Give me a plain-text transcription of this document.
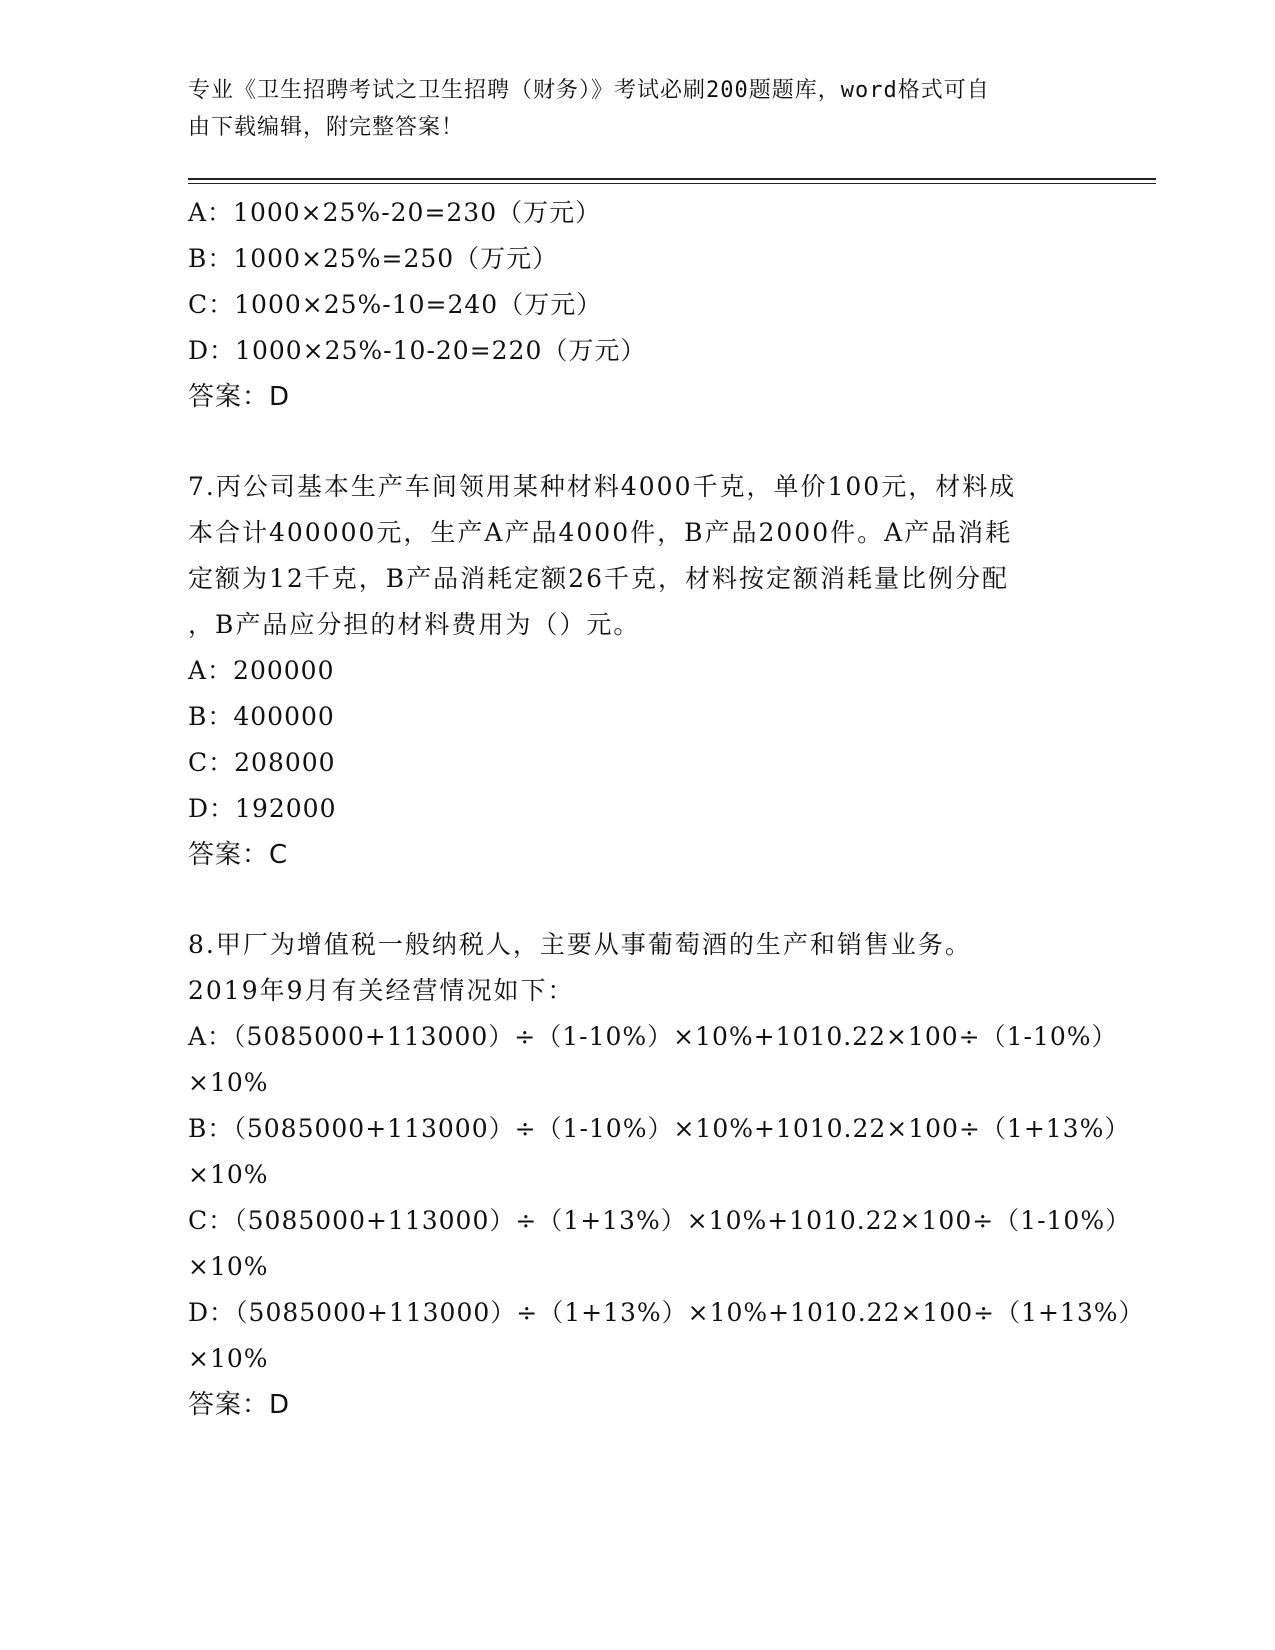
专业《卫生招聘考试之卫生招聘（财务）》考试必刷200题题库，word格式可自
由下载编辑，附完整答案！
A：1000×25%-20=230（万元）
B：1000×25%=250（万元）
C：1000×25%-10=240（万元）
D：1000×25%-10-20=220（万元）
答案：D
7.丙公司基本生产车间领用某种材料4000千克，单价100元，材料成
本合计400000元，生产A产品4000件，B产品2000件。A产品消耗
定额为12千克，B产品消耗定额26千克，材料按定额消耗量比例分配
，B产品应分担的材料费用为（）元。
A：200000
B：400000
C：208000
D：192000
答案：C
8.甲厂为增值税一般纳税人，主要从事葡萄酒的生产和销售业务。
2019年9月有关经营情况如下：
A：（5085000+113000）÷（1-10%）×10%+1010.22×100÷（1-10%）
×10%
B：（5085000+113000）÷（1-10%）×10%+1010.22×100÷（1+13%）
×10%
C：（5085000+113000）÷（1+13%）×10%+1010.22×100÷（1-10%）
×10%
D：（5085000+113000）÷（1+13%）×10%+1010.22×100÷（1+13%）
×10%
答案：D
